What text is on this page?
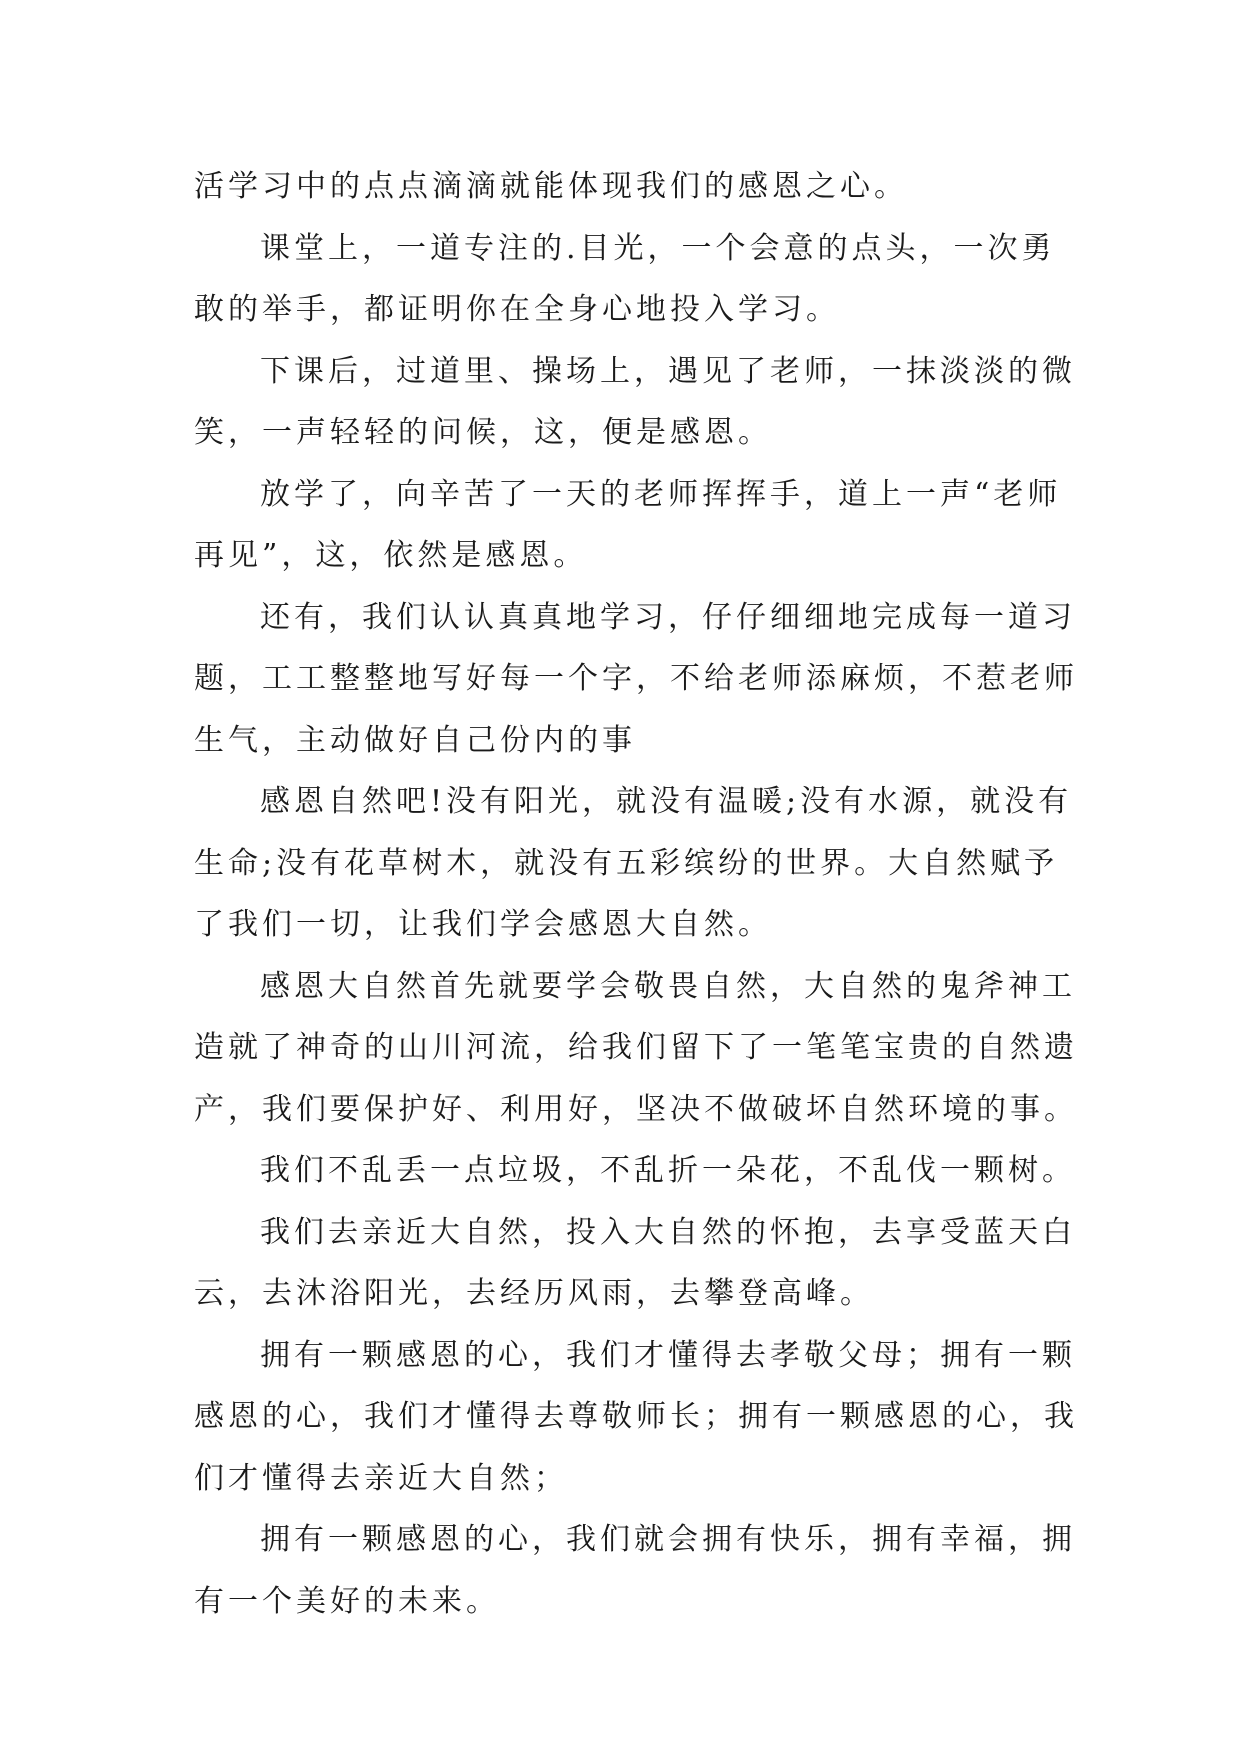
活学习中的点点滴滴就能体现我们的感恩之心。
课堂上，一道专注的.目光，一个会意的点头，一次勇
敢的举手，都证明你在全身心地投入学习。
下课后，过道里、操场上，遇见了老师，一抹淡淡的微
笑，一声轻轻的问候，这，便是感恩。
放学了，向辛苦了一天的老师挥挥手，道上一声“老师
再见”，这，依然是感恩。
还有，我们认认真真地学习，仔仔细细地完成每一道习
题，工工整整地写好每一个字，不给老师添麻烦，不惹老师
生气，主动做好自己份内的事
感恩自然吧!没有阳光，就没有温暖;没有水源，就没有
生命;没有花草树木，就没有五彩缤纷的世界。大自然赋予
了我们一切，让我们学会感恩大自然。
感恩大自然首先就要学会敬畏自然，大自然的鬼斧神工
造就了神奇的山川河流，给我们留下了一笔笔宝贵的自然遗
产，我们要保护好、利用好，坚决不做破坏自然环境的事。
我们不乱丢一点垃圾，不乱折一朵花，不乱伐一颗树。
我们去亲近大自然，投入大自然的怀抱，去享受蓝天白
云，去沐浴阳光，去经历风雨，去攀登高峰。
拥有一颗感恩的心，我们才懂得去孝敬父母；拥有一颗
感恩的心，我们才懂得去尊敬师长；拥有一颗感恩的心，我
们才懂得去亲近大自然；
拥有一颗感恩的心，我们就会拥有快乐，拥有幸福，拥
有一个美好的未来。
